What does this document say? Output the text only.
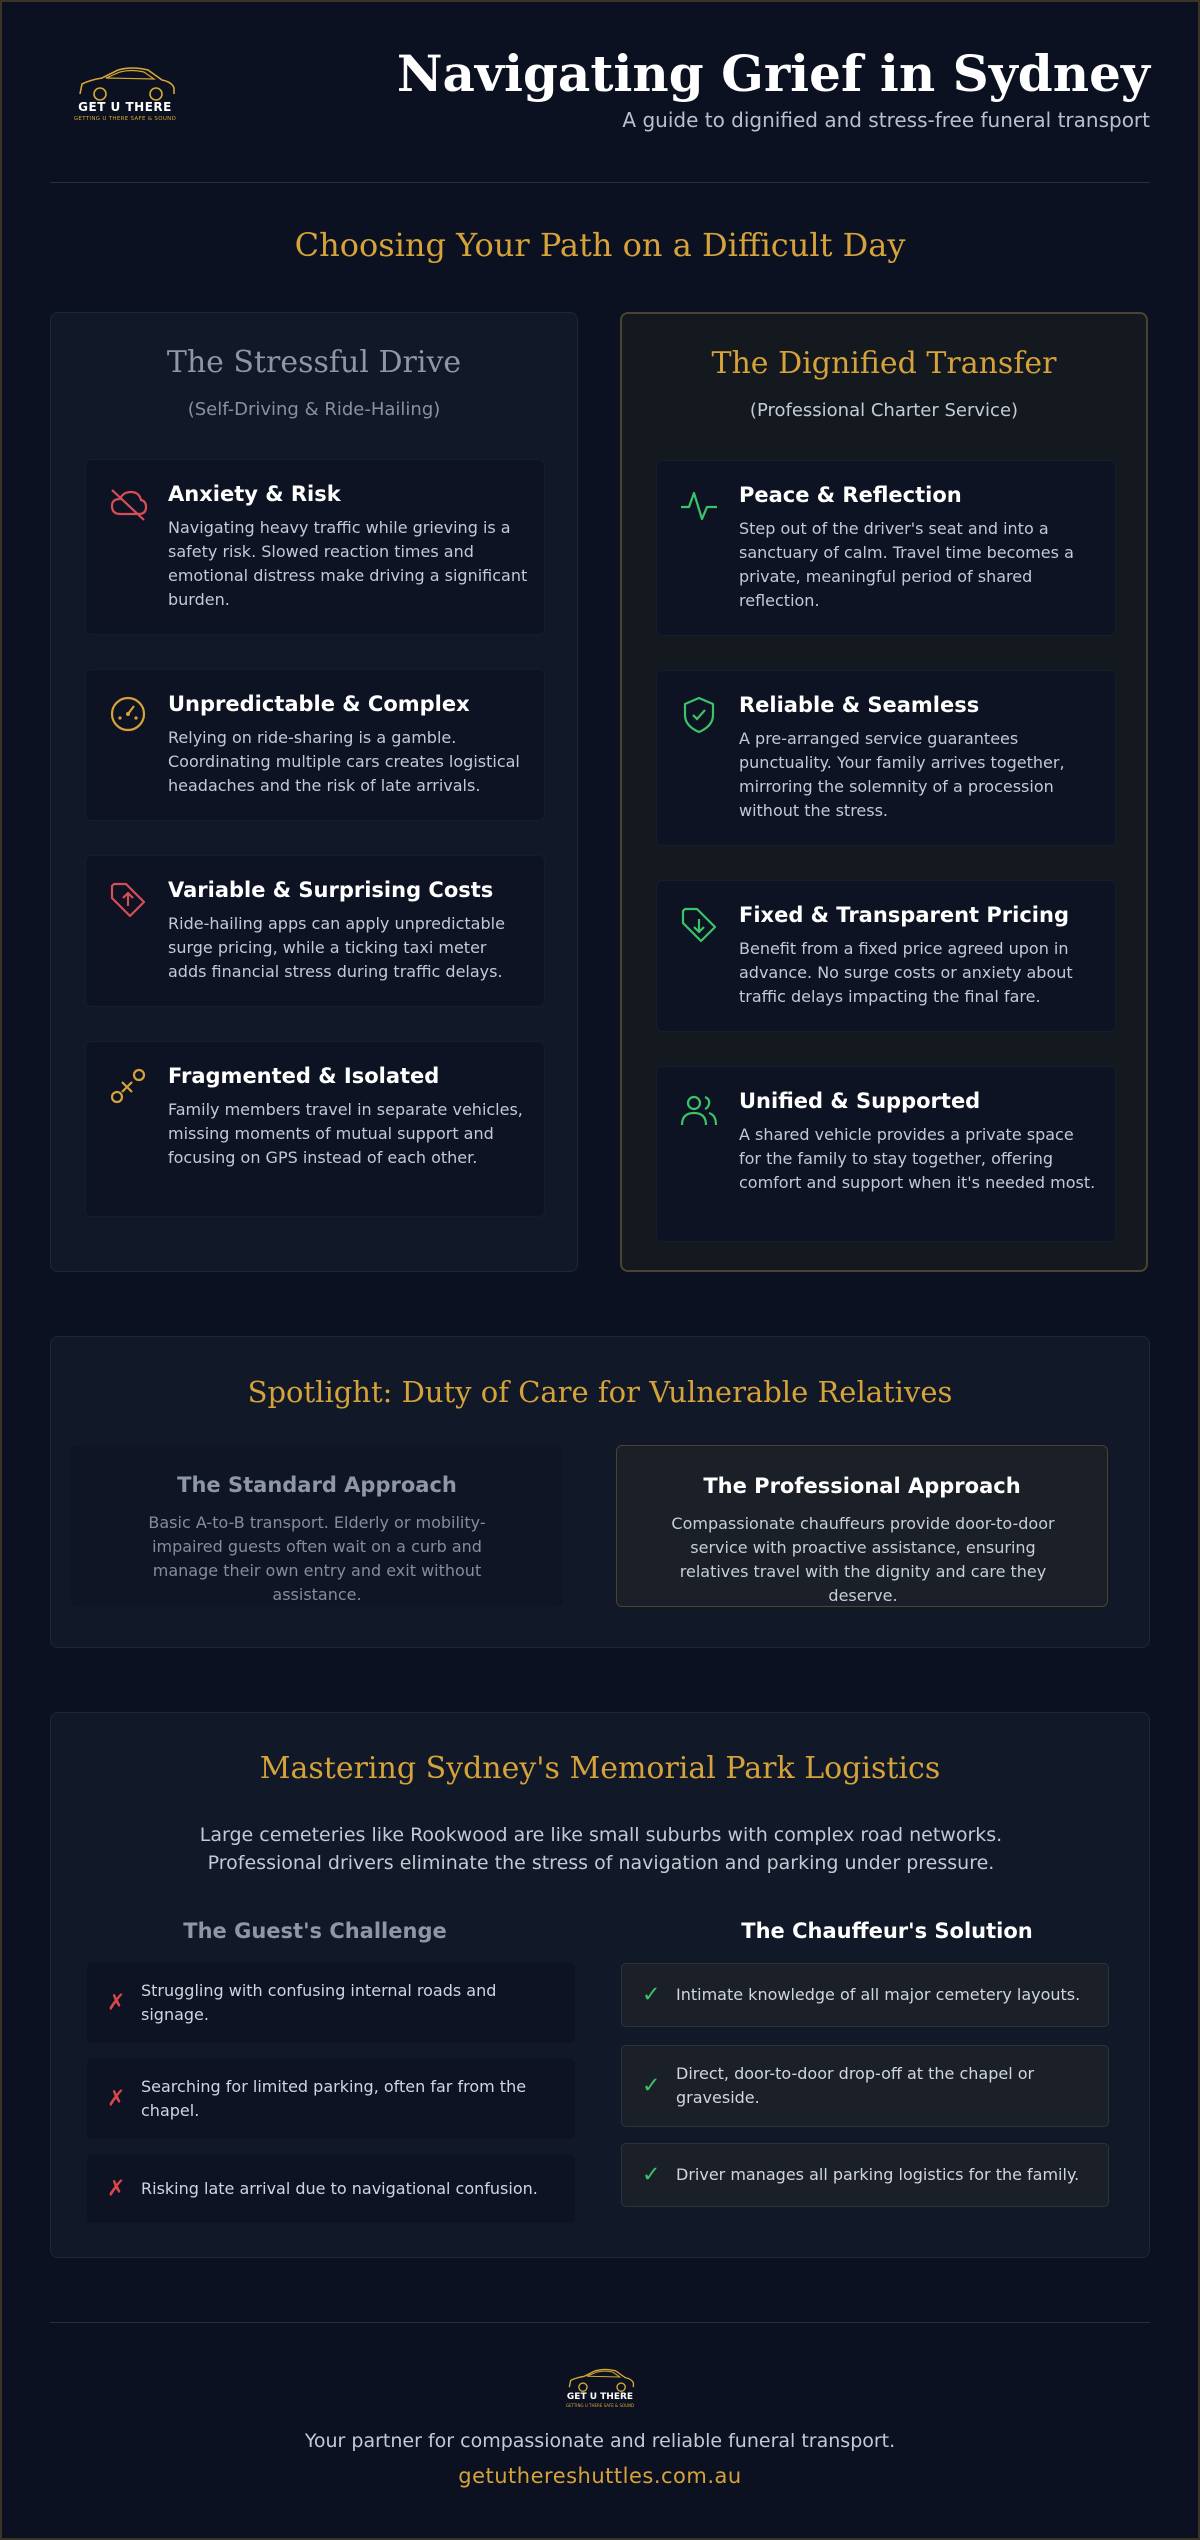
GET U THERE
GETTING U THERE SAFE & SOUND
Navigating Grief in Sydney
A guide to dignified and stress-free funeral transport
Choosing Your Path on a Difficult Day
The Stressful Drive
(Self-Driving & Ride-Hailing)
Anxiety & Risk
Navigating heavy traffic while grieving is a safety risk. Slowed reaction times and emotional distress make driving a significant burden.
Unpredictable & Complex
Relying on ride-sharing is a gamble. Coordinating multiple cars creates logistical headaches and the risk of late arrivals.
Variable & Surprising Costs
Ride-hailing apps can apply unpredictable surge pricing, while a ticking taxi meter adds financial stress during traffic delays.
Fragmented & Isolated
Family members travel in separate vehicles, missing moments of mutual support and focusing on GPS instead of each other.
The Dignified Transfer
(Professional Charter Service)
Peace & Reflection
Step out of the driver's seat and into a sanctuary of calm. Travel time becomes a private, meaningful period of shared reflection.
Reliable & Seamless
A pre-arranged service guarantees punctuality. Your family arrives together, mirroring the solemnity of a procession without the stress.
Fixed & Transparent Pricing
Benefit from a fixed price agreed upon in advance. No surge costs or anxiety about traffic delays impacting the final fare.
Unified & Supported
A shared vehicle provides a private space for the family to stay together, offering comfort and support when it's needed most.
Spotlight: Duty of Care for Vulnerable Relatives
The Standard Approach
Basic A-to-B transport. Elderly or mobility-impaired guests often wait on a curb and manage their own entry and exit without assistance.
The Professional Approach
Compassionate chauffeurs provide door-to-door service with proactive assistance, ensuring relatives travel with the dignity and care they deserve.
Mastering Sydney's Memorial Park Logistics
Large cemeteries like Rookwood are like small suburbs with complex road networks. Professional drivers eliminate the stress of navigation and parking under pressure.
The Guest's Challenge	The Chauffeur's Solution
✗ Struggling with confusing internal roads and signage.
✗ Searching for limited parking, often far from the chapel.
✗ Risking late arrival due to navigational confusion.
✓ Intimate knowledge of all major cemetery layouts.
✓ Direct, door-to-door drop-off at the chapel or graveside.
✓ Driver manages all parking logistics for the family.
GET U THERE
GETTING U THERE SAFE & SOUND
Your partner for compassionate and reliable funeral transport.
getuthereshuttles.com.au
